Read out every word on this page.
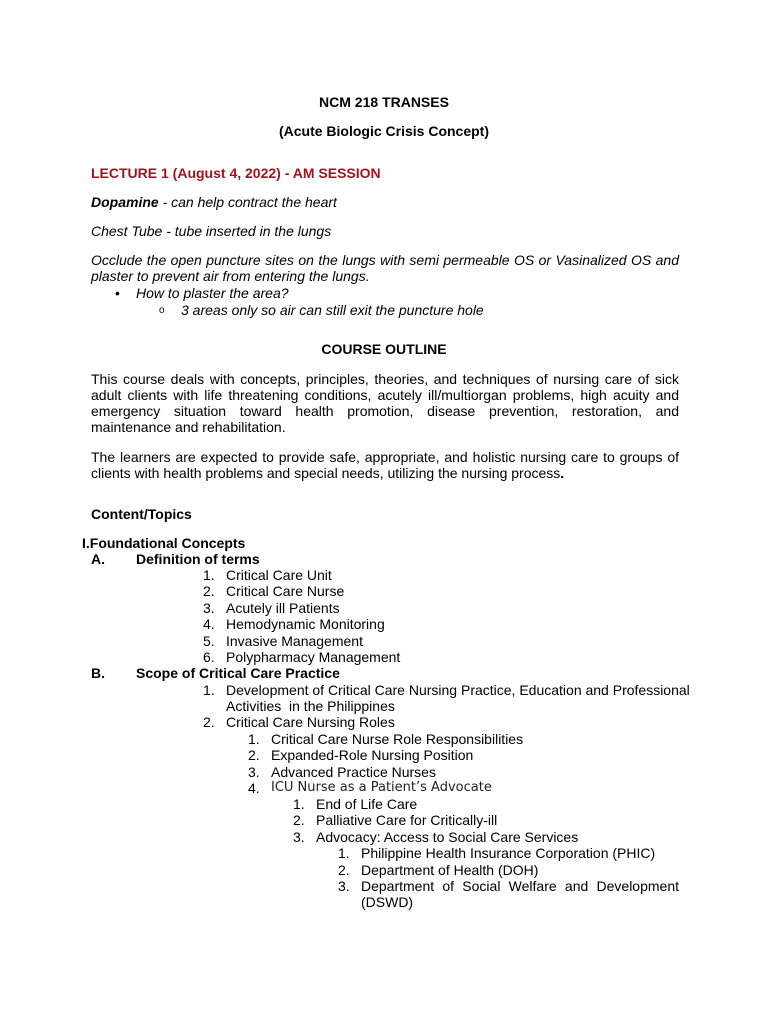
NCM 218 TRANSES
(Acute Biologic Crisis Concept)
LECTURE 1 (August 4, 2022) - AM SESSION
Dopamine - can help contract the heart
Chest Tube - tube inserted in the lungs
Occlude the open puncture sites on the lungs with semi permeable OS or Vasinalized OS and plaster to prevent air from entering the lungs.
• How to plaster the area?
o 3 areas only so air can still exit the puncture hole
COURSE OUTLINE
This course deals with concepts, principles, theories, and techniques of nursing care of sick adult clients with life threatening conditions, acutely ill/multiorgan problems, high acuity and emergency situation toward health promotion, disease prevention, restoration, and maintenance and rehabilitation.
The learners are expected to provide safe, appropriate, and holistic nursing care to groups of clients with health problems and special needs, utilizing the nursing process.
Content/Topics
I.Foundational Concepts
A. Definition of terms
1. Critical Care Unit
2. Critical Care Nurse
3. Acutely ill Patients
4. Hemodynamic Monitoring
5. Invasive Management
6. Polypharmacy Management
B. Scope of Critical Care Practice
1. Development of Critical Care Nursing Practice, Education and Professional
Activities  in the Philippines
2. Critical Care Nursing Roles
1. Critical Care Nurse Role Responsibilities
2. Expanded-Role Nursing Position
3. Advanced Practice Nurses
4. ICU Nurse as a Patient’s Advocate
1. End of Life Care
2. Palliative Care for Critically-ill
3. Advocacy: Access to Social Care Services
1. Philippine Health Insurance Corporation (PHIC)
2. Department of Health (DOH)
3. Department of Social Welfare and Development (DSWD)
